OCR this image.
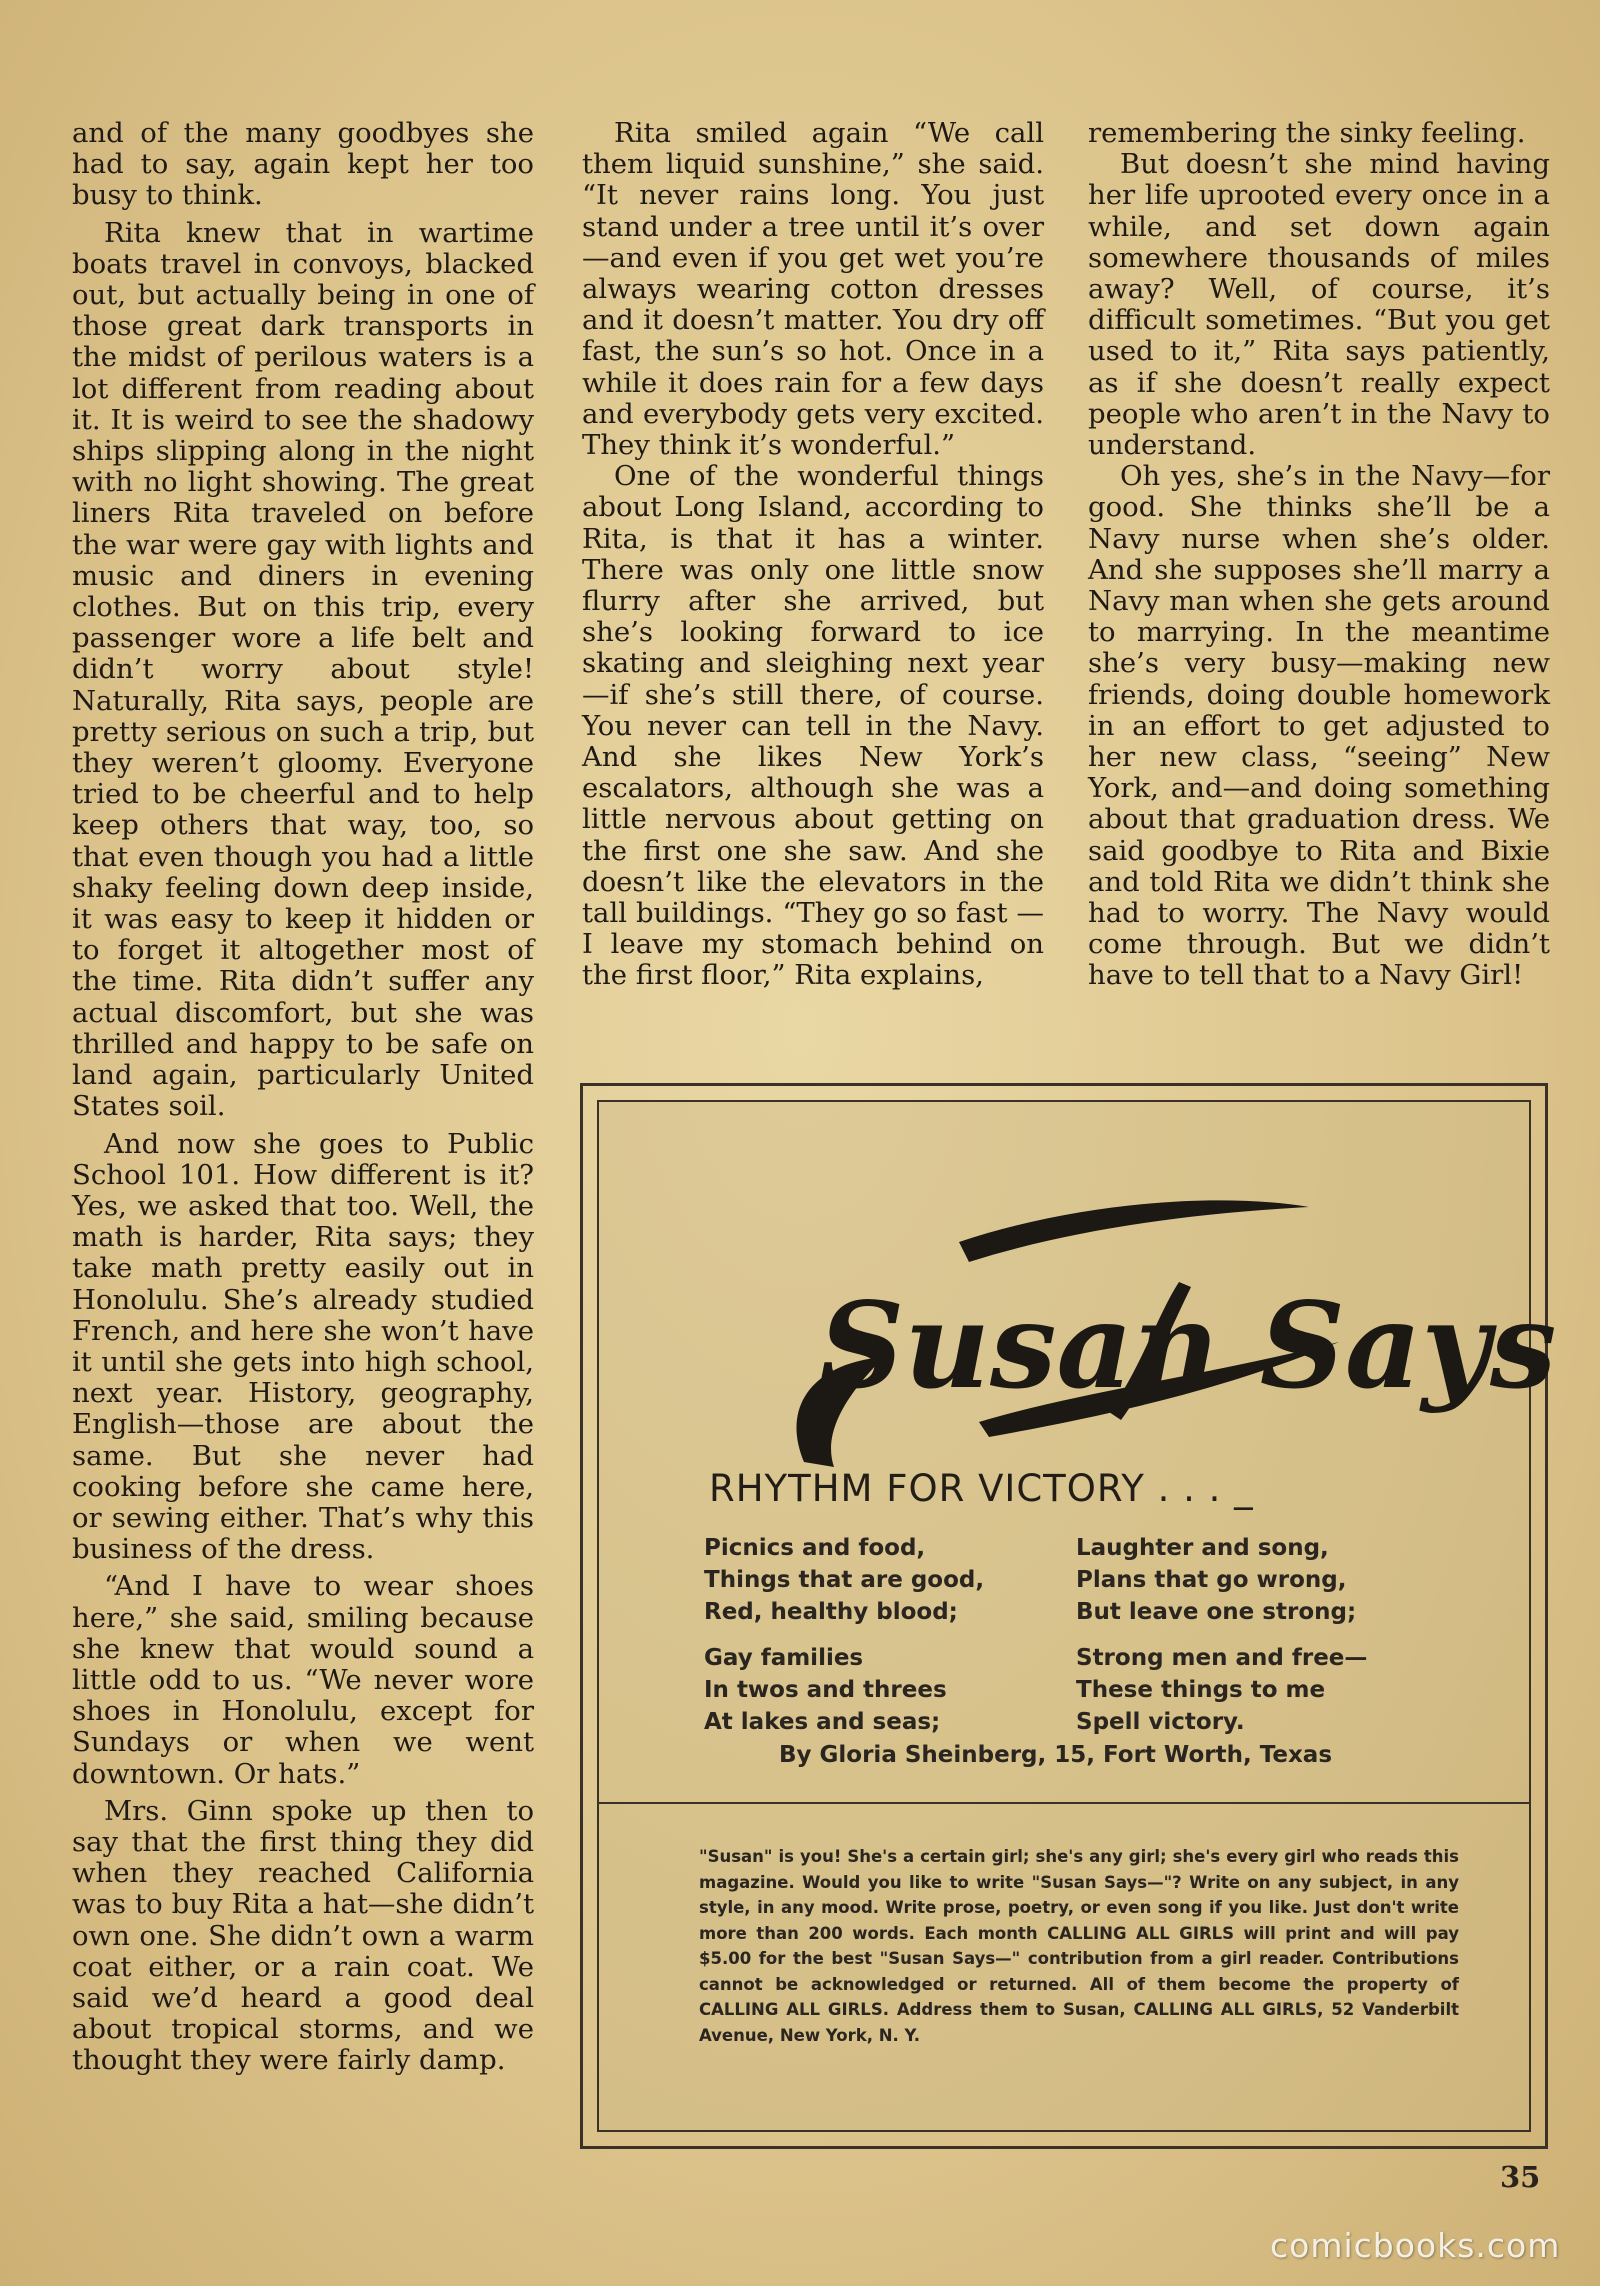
and of the many goodbyes she had to say, again kept her too busy to think.

Rita knew that in wartime boats travel in convoys, blacked out, but actually being in one of those great dark transports in the midst of perilous waters is a lot different from reading about it. It is weird to see the shadowy ships slipping along in the night with no light showing. The great liners Rita traveled on before the war were gay with lights and music and diners in evening clothes. But on this trip, every passenger wore a life belt and didn’t worry about style! Naturally, Rita says, people are pretty serious on such a trip, but they weren’t gloomy. Everyone tried to be cheerful and to help keep others that way, too, so that even though you had a little shaky feeling down deep inside, it was easy to keep it hidden or to forget it altogether most of the time. Rita didn’t suffer any actual discomfort, but she was thrilled and happy to be safe on land again, particularly United States soil.

And now she goes to Public School 101. How different is it? Yes, we asked that too. Well, the math is harder, Rita says; they take math pretty easily out in Honolulu. She’s already studied French, and here she won’t have it until she gets into high school, next year. History, geography, English—those are about the same. But she never had cooking before she came here, or sewing either. That’s why this business of the dress.

“And I have to wear shoes here,” she said, smiling because she knew that would sound a little odd to us. “We never wore shoes in Honolulu, except for Sundays or when we went downtown. Or hats.”

Mrs. Ginn spoke up then to say that the first thing they did when they reached California was to buy Rita a hat—she didn’t own one. She didn’t own a warm coat either, or a rain coat. We said we’d heard a good deal about tropical storms, and we thought they were fairly damp.

Rita smiled again “We call them liquid sunshine,” she said. “It never rains long. You just stand under a tree until it’s over—and even if you get wet you’re always wearing cotton dresses and it doesn’t matter. You dry off fast, the sun’s so hot. Once in a while it does rain for a few days and everybody gets very excited. They think it’s wonderful.”

One of the wonderful things about Long Island, according to Rita, is that it has a winter. There was only one little snow flurry after she arrived, but she’s looking forward to ice skating and sleighing next year —if she’s still there, of course. You never can tell in the Navy. And she likes New York’s escalators, although she was a little nervous about getting on the first one she saw. And she doesn’t like the elevators in the tall buildings. “They go so fast —I leave my stomach behind on the first floor,” Rita explains,

remembering the sinky feeling.

But doesn’t she mind having her life uprooted every once in a while, and set down again somewhere thousands of miles away? Well, of course, it’s difficult sometimes. “But you get used to it,” Rita says patiently, as if she doesn’t really expect people who aren’t in the Navy to understand.

Oh yes, she’s in the Navy—for good. She thinks she’ll be a Navy nurse when she’s older. And she supposes she’ll marry a Navy man when she gets around to marrying. In the meantime she’s very busy—making new friends, doing double homework in an effort to get adjusted to her new class, “seeing” New York, and—and doing something about that graduation dress. We said goodbye to Rita and Bixie and told Rita we didn’t think she had to worry. The Navy would come through. But we didn’t have to tell that to a Navy Girl!

Susan Says
RHYTHM FOR VICTORY . . . _
Picnics and food,
Things that are good,
Red, healthy blood;
Gay families
In twos and threes
At lakes and seas;
Laughter and song,
Plans that go wrong,
But leave one strong;
Strong men and free—
These things to me
Spell victory.
By Gloria Sheinberg, 15, Fort Worth, Texas
"Susan" is you! She's a certain girl; she's any girl; she's every girl who reads this magazine. Would you like to write "Susan Says—"? Write on any subject, in any style, in any mood. Write prose, poetry, or even song if you like. Just don't write more than 200 words. Each month CALLING ALL GIRLS will print and will pay $5.00 for the best "Susan Says—" contribution from a girl reader. Contributions cannot be acknowledged or returned. All of them become the property of CALLING ALL GIRLS. Address them to Susan, CALLING ALL GIRLS, 52 Vanderbilt Avenue, New York, N. Y.
35
comicbooks.com
